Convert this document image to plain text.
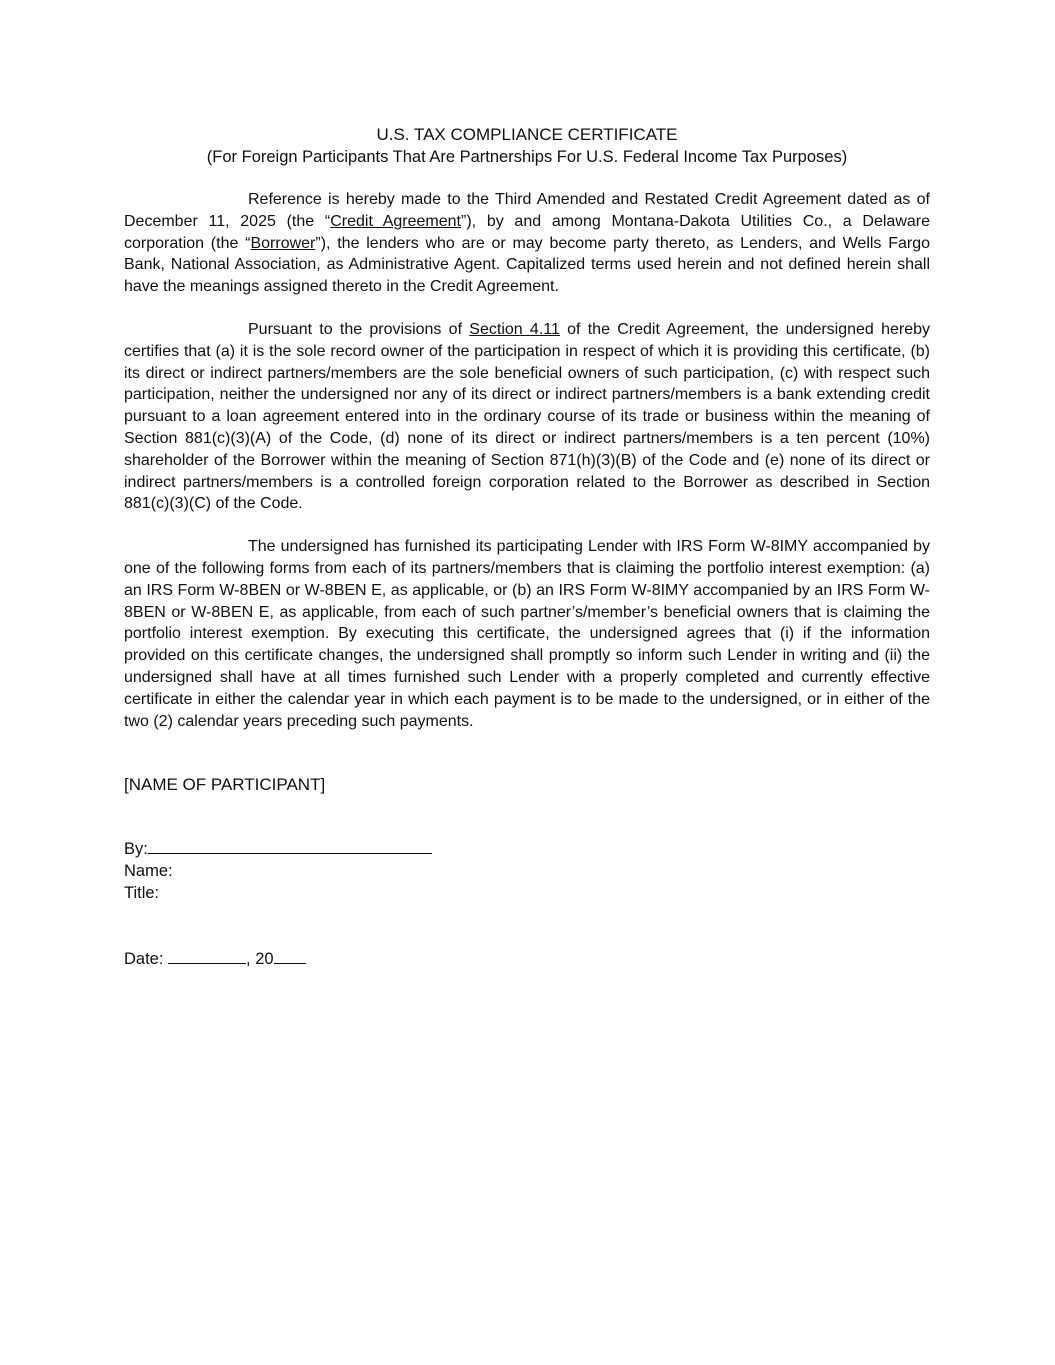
U.S. TAX COMPLIANCE CERTIFICATE
(For Foreign Participants That Are Partnerships For U.S. Federal Income Tax Purposes)

Reference is hereby made to the Third Amended and Restated Credit Agreement dated as of December 11, 2025 (the “Credit Agreement”), by and among Montana-Dakota Utilities Co., a Delaware corporation (the “Borrower”), the lenders who are or may become party thereto, as Lenders, and Wells Fargo Bank, National Association, as Administrative Agent. Capitalized terms used herein and not defined herein shall have the meanings assigned thereto in the Credit Agreement.

Pursuant to the provisions of Section 4.11 of the Credit Agreement, the undersigned hereby certifies that (a) it is the sole record owner of the participation in respect of which it is providing this certificate, (b) its direct or indirect partners/members are the sole beneficial owners of such participation, (c) with respect such participation, neither the undersigned nor any of its direct or indirect partners/members is a bank extending credit pursuant to a loan agreement entered into in the ordinary course of its trade or business within the meaning of Section 881(c)(3)(A) of the Code, (d) none of its direct or indirect partners/members is a ten percent (10%) shareholder of the Borrower within the meaning of Section 871(h)(3)(B) of the Code and (e) none of its direct or indirect partners/members is a controlled foreign corporation related to the Borrower as described in Section 881(c)(3)(C) of the Code.

The undersigned has furnished its participating Lender with IRS Form W-8IMY accompanied by one of the following forms from each of its partners/members that is claiming the portfolio interest exemption: (a) an IRS Form W-8BEN or W-8BEN E, as applicable, or (b) an IRS Form W-8IMY accompanied by an IRS Form W-8BEN or W-8BEN E, as applicable, from each of such partner’s/member’s beneficial owners that is claiming the portfolio interest exemption. By executing this certificate, the undersigned agrees that (i) if the information provided on this certificate changes, the undersigned shall promptly so inform such Lender in writing and (ii) the undersigned shall have at all times furnished such Lender with a properly completed and currently effective certificate in either the calendar year in which each payment is to be made to the undersigned, or in either of the two (2) calendar years preceding such payments.

[NAME OF PARTICIPANT]
By:
Name:
Title:
Date:	, 20
